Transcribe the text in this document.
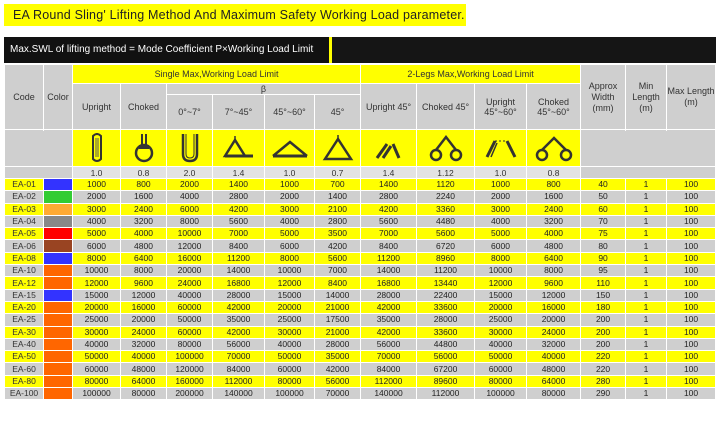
EA Round Sling' Lifting Method And Maximum Safety Working Load parameter.
Max.SWL of lifting method = Mode Coefficient P×Working Load Limit
Code	Color	Single Max,Working Load Limit						2-Legs Max,Working Load Limit				Approx Width (mm)	Min Length (m)	Max Length (m)
		Upright	Choked	β				Upright 45°	Choked 45°	Upright 45°~60°	Choked 45°~60°			
				0°~7°	7°~45°	45°~60°	45°							

		1.0	0.8	2.0	1.4	1.0	0.7	1.4	1.12	1.0	0.8			
EA-01		1000	800	2000	1400	1000	700	1400	1120	1000	800	40	1	100
EA-02		2000	1600	4000	2800	2000	1400	2800	2240	2000	1600	50	1	100
EA-03		3000	2400	6000	4200	3000	2100	4200	3360	3000	2400	60	1	100
EA-04		4000	3200	8000	5600	4000	2800	5600	4480	4000	3200	70	1	100
EA-05		5000	4000	10000	7000	5000	3500	7000	5600	5000	4000	75	1	100
EA-06		6000	4800	12000	8400	6000	4200	8400	6720	6000	4800	80	1	100
EA-08		8000	6400	16000	11200	8000	5600	11200	8960	8000	6400	90	1	100
EA-10		10000	8000	20000	14000	10000	7000	14000	11200	10000	8000	95	1	100
EA-12		12000	9600	24000	16800	12000	8400	16800	13440	12000	9600	110	1	100
EA-15		15000	12000	40000	28000	15000	14000	28000	22400	15000	12000	150	1	100
EA-20		20000	16000	60000	42000	20000	21000	42000	33600	20000	16000	180	1	100
EA-25		25000	20000	50000	35000	25000	17500	35000	28000	25000	20000	200	1	100
EA-30		30000	24000	60000	42000	30000	21000	42000	33600	30000	24000	200	1	100
EA-40		40000	32000	80000	56000	40000	28000	56000	44800	40000	32000	200	1	100
EA-50		50000	40000	100000	70000	50000	35000	70000	56000	50000	40000	220	1	100
EA-60		60000	48000	120000	84000	60000	42000	84000	67200	60000	48000	220	1	100
EA-80		80000	64000	160000	112000	80000	56000	112000	89600	80000	64000	280	1	100
EA-100		100000	80000	200000	140000	100000	70000	140000	112000	100000	80000	290	1	100
